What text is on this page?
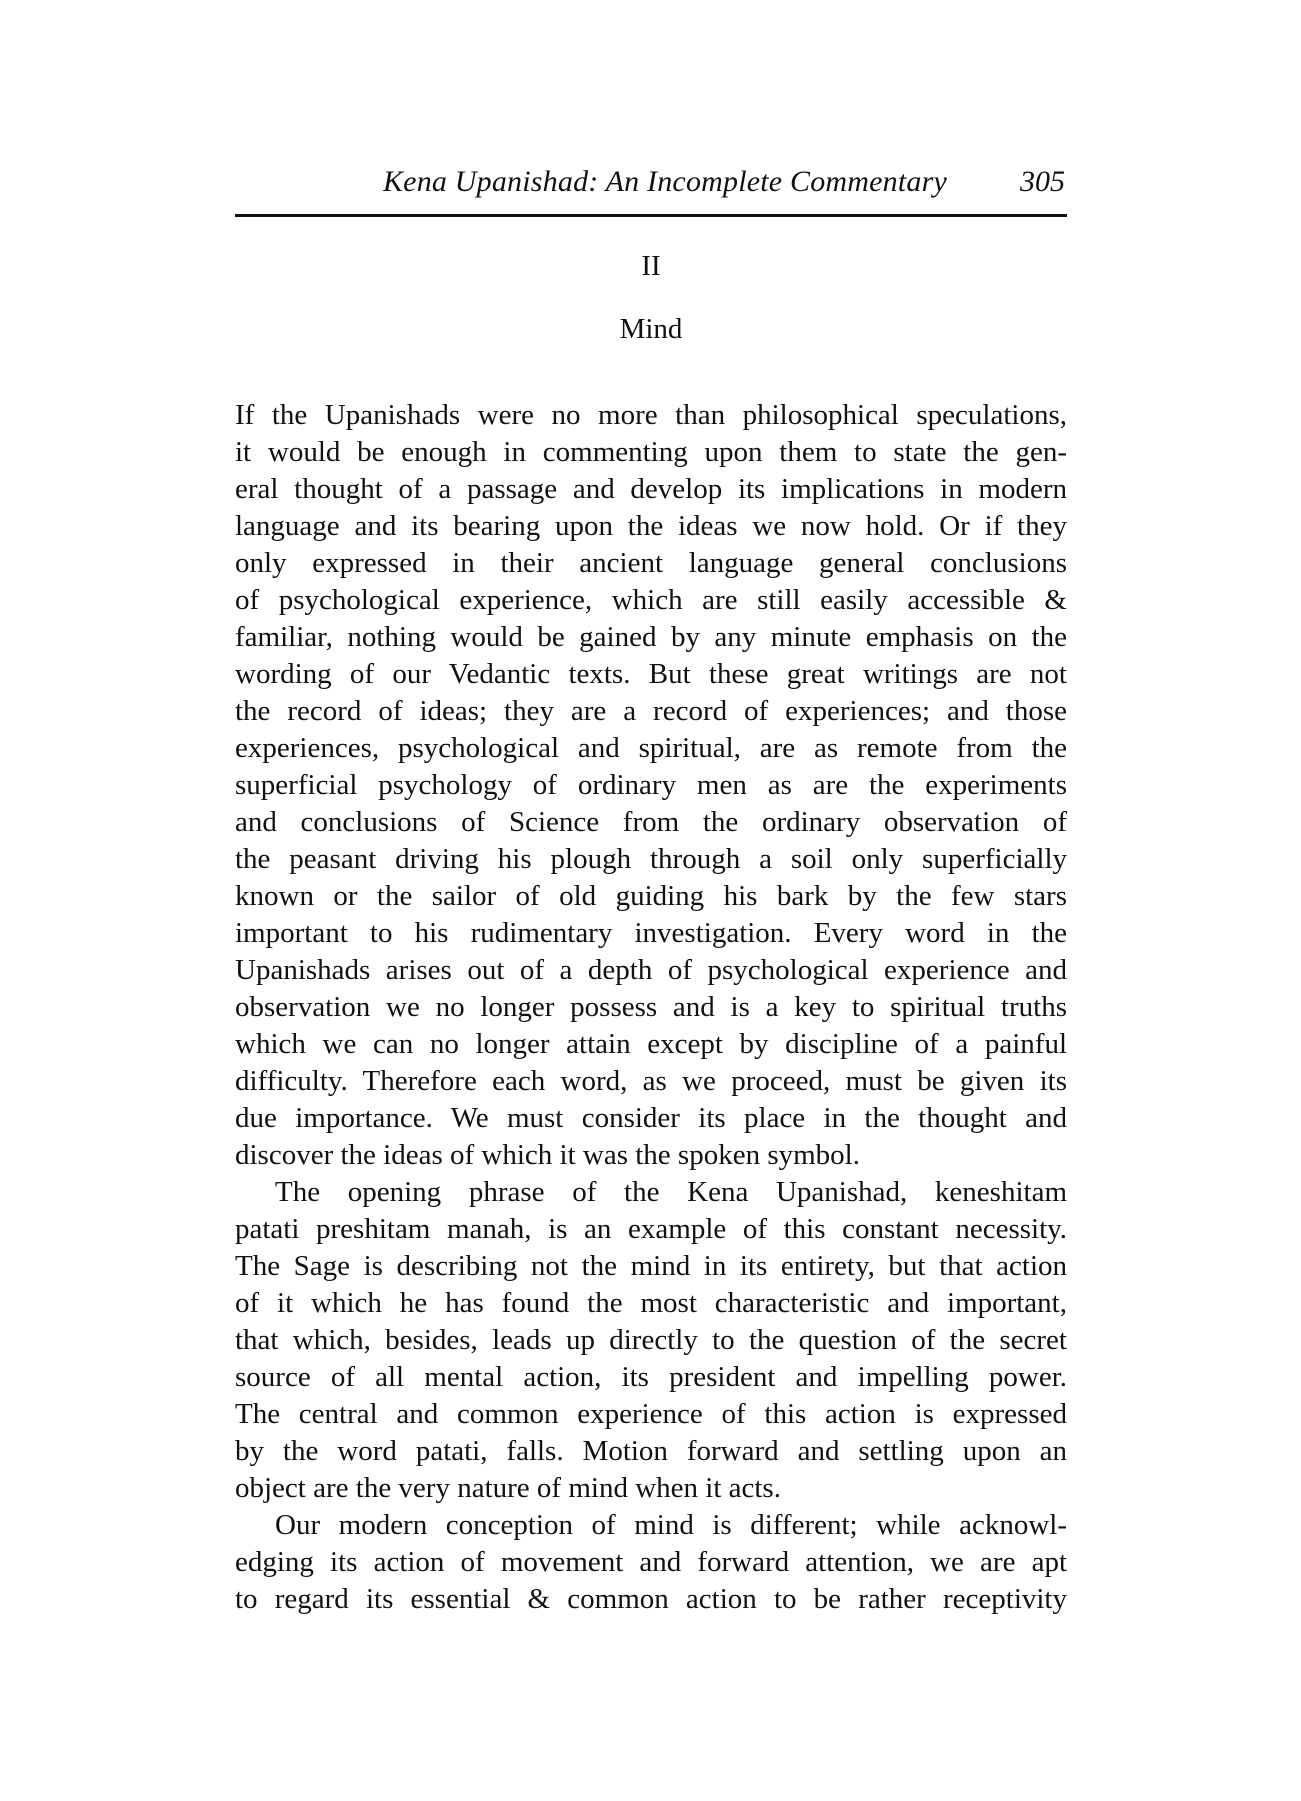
Kena Upanishad: An Incomplete Commentary 305
II
Mind
If the Upanishads were no more than philosophical speculations,
it would be enough in commenting upon them to state the gen-
eral thought of a passage and develop its implications in modern
language and its bearing upon the ideas we now hold. Or if they
only expressed in their ancient language general conclusions
of psychological experience, which are still easily accessible &
familiar, nothing would be gained by any minute emphasis on the
wording of our Vedantic texts. But these great writings are not
the record of ideas; they are a record of experiences; and those
experiences, psychological and spiritual, are as remote from the
superficial psychology of ordinary men as are the experiments
and conclusions of Science from the ordinary observation of
the peasant driving his plough through a soil only superficially
known or the sailor of old guiding his bark by the few stars
important to his rudimentary investigation. Every word in the
Upanishads arises out of a depth of psychological experience and
observation we no longer possess and is a key to spiritual truths
which we can no longer attain except by discipline of a painful
difficulty. Therefore each word, as we proceed, must be given its
due importance. We must consider its place in the thought and
discover the ideas of which it was the spoken symbol.
The opening phrase of the Kena Upanishad, keneshitam
patati preshitam manah, is an example of this constant necessity.
The Sage is describing not the mind in its entirety, but that action
of it which he has found the most characteristic and important,
that which, besides, leads up directly to the question of the secret
source of all mental action, its president and impelling power.
The central and common experience of this action is expressed
by the word patati, falls. Motion forward and settling upon an
object are the very nature of mind when it acts.
Our modern conception of mind is different; while acknowl-
edging its action of movement and forward attention, we are apt
to regard its essential & common action to be rather receptivity
